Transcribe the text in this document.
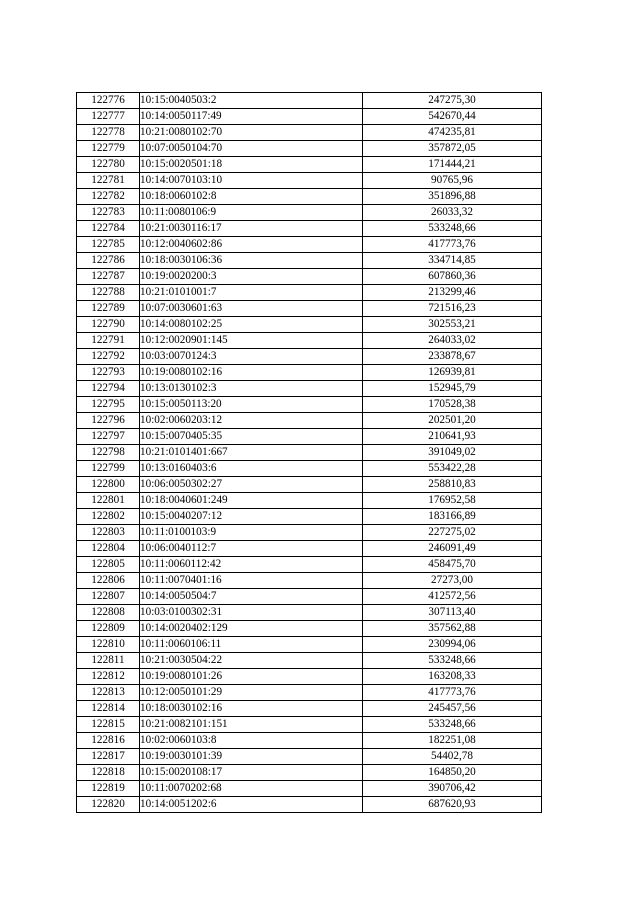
122776	10:15:0040503:2	247275,30
122777	10:14:0050117:49	542670,44
122778	10:21:0080102:70	474235,81
122779	10:07:0050104:70	357872,05
122780	10:15:0020501:18	171444,21
122781	10:14:0070103:10	90765,96
122782	10:18:0060102:8	351896,88
122783	10:11:0080106:9	26033,32
122784	10:21:0030116:17	533248,66
122785	10:12:0040602:86	417773,76
122786	10:18:0030106:36	334714,85
122787	10:19:0020200:3	607860,36
122788	10:21:0101001:7	213299,46
122789	10:07:0030601:63	721516,23
122790	10:14:0080102:25	302553,21
122791	10:12:0020901:145	264033,02
122792	10:03:0070124:3	233878,67
122793	10:19:0080102:16	126939,81
122794	10:13:0130102:3	152945,79
122795	10:15:0050113:20	170528,38
122796	10:02:0060203:12	202501,20
122797	10:15:0070405:35	210641,93
122798	10:21:0101401:667	391049,02
122799	10:13:0160403:6	553422,28
122800	10:06:0050302:27	258810,83
122801	10:18:0040601:249	176952,58
122802	10:15:0040207:12	183166,89
122803	10:11:0100103:9	227275,02
122804	10:06:0040112:7	246091,49
122805	10:11:0060112:42	458475,70
122806	10:11:0070401:16	27273,00
122807	10:14:0050504:7	412572,56
122808	10:03:0100302:31	307113,40
122809	10:14:0020402:129	357562,88
122810	10:11:0060106:11	230994,06
122811	10:21:0030504:22	533248,66
122812	10:19:0080101:26	163208,33
122813	10:12:0050101:29	417773,76
122814	10:18:0030102:16	245457,56
122815	10:21:0082101:151	533248,66
122816	10:02:0060103:8	182251,08
122817	10:19:0030101:39	54402,78
122818	10:15:0020108:17	164850,20
122819	10:11:0070202:68	390706,42
122820	10:14:0051202:6	687620,93
